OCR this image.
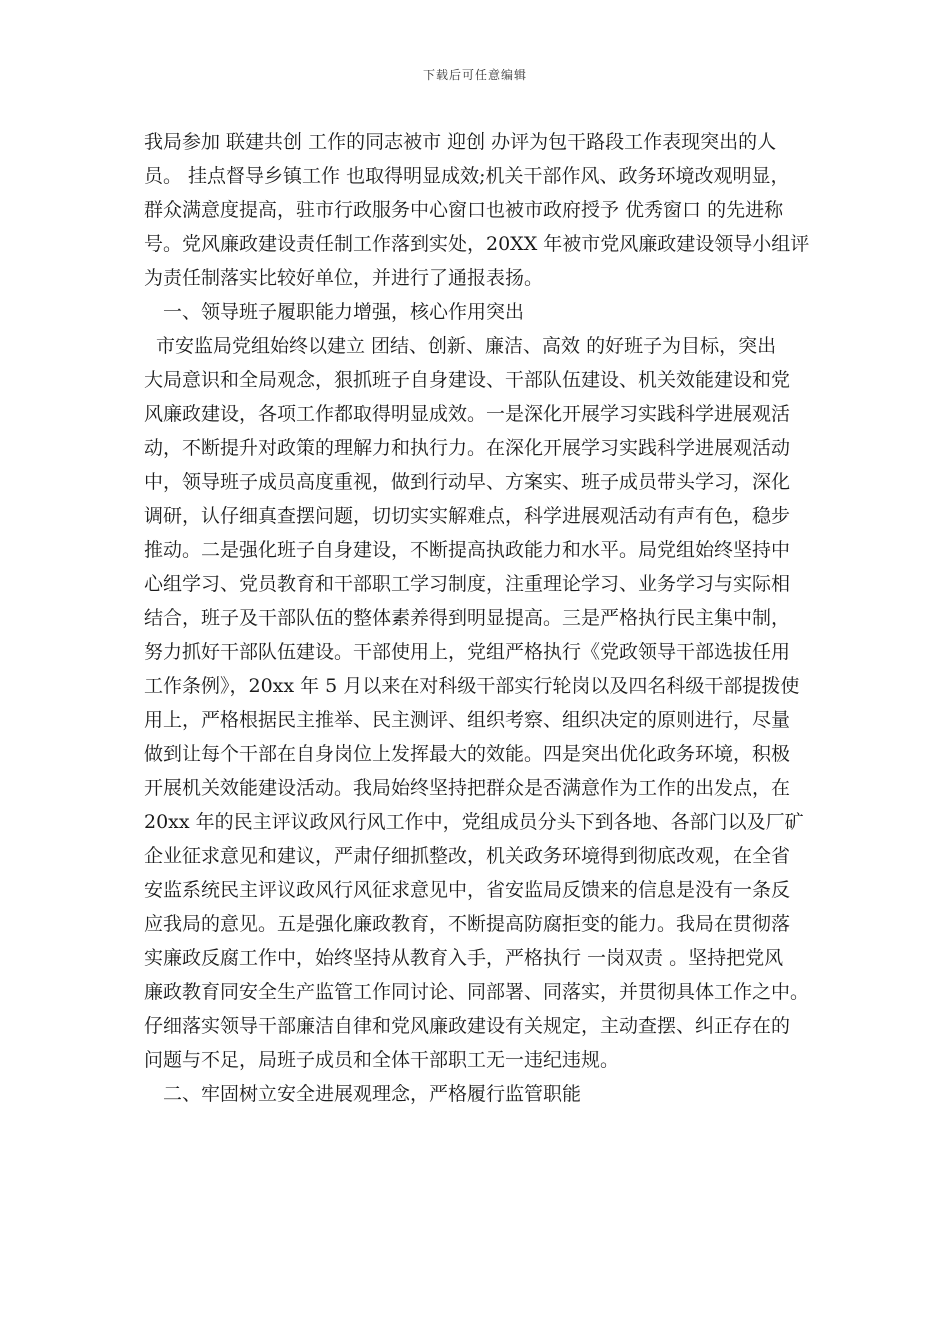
下载后可任意编辑
我局参加 联建共创 工作的同志被市 迎创 办评为包干路段工作表现突出的人
员。 挂点督导乡镇工作 也取得明显成效;机关干部作风、政务环境改观明显，
群众满意度提高，驻市行政服务中心窗口也被市政府授予 优秀窗口 的先进称
号。党风廉政建设责任制工作落到实处，20XX 年被市党风廉政建设领导小组评
为责任制落实比较好单位，并进行了通报表扬。
一、领导班子履职能力增强，核心作用突出
市安监局党组始终以建立 团结、创新、廉洁、高效 的好班子为目标，突出
大局意识和全局观念，狠抓班子自身建设、干部队伍建设、机关效能建设和党
风廉政建设，各项工作都取得明显成效。一是深化开展学习实践科学进展观活
动，不断提升对政策的理解力和执行力。在深化开展学习实践科学进展观活动
中，领导班子成员高度重视，做到行动早、方案实、班子成员带头学习，深化
调研，认仔细真查摆问题，切切实实解难点，科学进展观活动有声有色，稳步
推动。二是强化班子自身建设，不断提高执政能力和水平。局党组始终坚持中
心组学习、党员教育和干部职工学习制度，注重理论学习、业务学习与实际相
结合，班子及干部队伍的整体素养得到明显提高。三是严格执行民主集中制，
努力抓好干部队伍建设。干部使用上，党组严格执行《党政领导干部选拔任用
工作条例》，20xx 年 5 月以来在对科级干部实行轮岗以及四名科级干部提拨使
用上，严格根据民主推举、民主测评、组织考察、组织决定的原则进行，尽量
做到让每个干部在自身岗位上发挥最大的效能。四是突出优化政务环境，积极
开展机关效能建设活动。我局始终坚持把群众是否满意作为工作的出发点，在
20xx 年的民主评议政风行风工作中，党组成员分头下到各地、各部门以及厂矿
企业征求意见和建议，严肃仔细抓整改，机关政务环境得到彻底改观，在全省
安监系统民主评议政风行风征求意见中，省安监局反馈来的信息是没有一条反
应我局的意见。五是强化廉政教育，不断提高防腐拒变的能力。我局在贯彻落
实廉政反腐工作中，始终坚持从教育入手，严格执行 一岗双责 。坚持把党风
廉政教育同安全生产监管工作同讨论、同部署、同落实，并贯彻具体工作之中。
仔细落实领导干部廉洁自律和党风廉政建设有关规定，主动查摆、纠正存在的
问题与不足，局班子成员和全体干部职工无一违纪违规。
二、牢固树立安全进展观理念，严格履行监管职能
